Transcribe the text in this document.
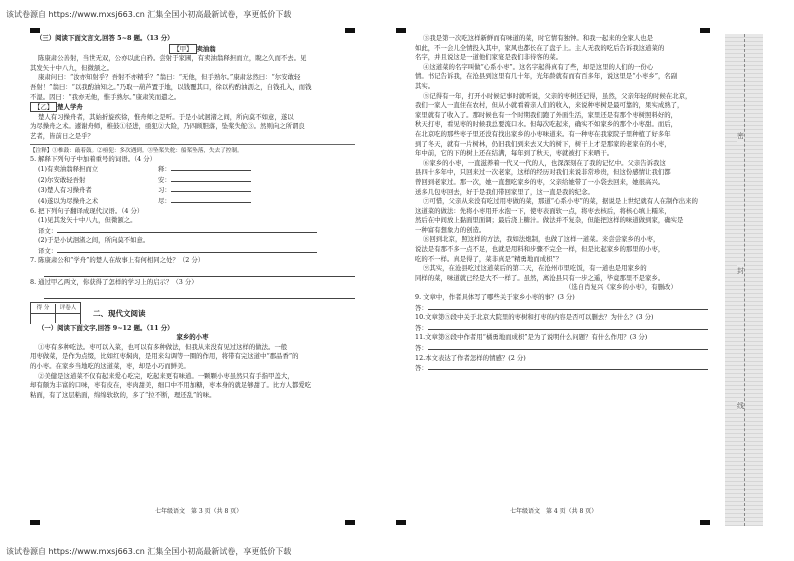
该试卷源自 https://www.mxsj663.cn 汇集全国小初高最新试卷，享更低价下载
该试卷源自 https://www.mxsj663.cn 汇集全国小初高最新试卷，享更低价下载
（三）阅读下面文言文,回答 5~8 题。（13 分）
【甲】 卖油翁
陈康肃公善射，当世无双，公亦以此自矜。尝射于家圃，有卖油翁释担而立，睨之久而不去。见
其发矢十中八九，但微颔之。
康肃问曰：“汝亦知射乎？吾射不亦精乎？”翁曰：“无他，但手熟尔。”康肃忿然曰：“尔安敢轻
吾射！”翁曰：“以我酌油知之。”乃取一葫芦置于地，以钱覆其口，徐以杓酌油沥之，自钱孔入，而钱
不湿。因曰：“我亦无他，惟手熟尔。”康肃笑而遣之。
【乙】 楚人学舟
楚人有习操舟者，其始折旋疾徐，惟舟师之是听。于是小试洄渚之间，所向莫不如意，遂以
为尽操舟之术。遽谢舟师，椎鼓①径进，亟犯②大险，乃四顾胆落，坠桨失舵③。然则向之所谓良
艺者，皆前日之是乎？
【注释】①椎鼓：敲着鼓。②亟犯：多次遇到。③坠桨失舵：船桨坠落，失去了控制。
5. 解释下列句子中加着重号的词语。（4 分）
(1)有卖油翁释担而立	释：
(2)尔安敢轻吾射	安：
(3)楚人有习操舟者	习：
(4)遂以为尽操舟之术	尽：
6. 把下列句子翻译成现代汉语。（4 分）
(1)见其发矢十中八九，但微颔之。
译文：
(2)于是小试洄渚之间，所向莫不如意。
译文：
7. 陈康肃公和“学舟”的楚人在故事上有何相同之处？（2 分）
8. 通过甲乙两文，你获得了怎样的学习上的启示？（3 分）
得 分 评卷人
二、现代文阅读
（一）阅读下面文字,回答 9~12 题。（11 分）
家乡的小枣
①枣有多种吃法。枣可以入菜，也可以有多种做法，但我从来没有见过这样的做法。一般
用枣做菜，是作为点缀，比如红枣焖肉，是用来勾调等一圈的作用，将带有完这道中“郡品香”的
的小枣。在家乡当地吃的这道菜，枣，却是小巧而鲜美。
②美健是这道菜不仅有起来爱心吃完，吃起来更有味道。一颗颗小枣虽然只有手指甲盖大，
却有颇为丰富的口味，枣有皮在，枣肉甜美，细口中不用加糖，枣本身的就足够甜了。比方人都爱吃
粘面，有了这层粘面，绵绵软软的，多了“拉不断，理还乱”的味。
七年级语文　第 3 页（共 8 页）
③我是第一次吃这样新鲜而有味道的菜，时它情有独钟。和我一起来的全家人也是
如此，不一会儿全情投入其中，家风也都长在了盘子上。主人无我的吃后告诉我这道菜的
名字，并且说这是一道他们家宴是我们非待客的菜。
④这道菜的名字叫做“心系小枣”。这名字起得真有了些，却是这里的人们的一份心
情。书记告诉我，在沧县到这里有几十年，光年龄就有而有百多年，说这里是“小枣乡”，名副
其实。
⑤记得有一年，打开小时候记事时就听说，父亲的枣树还记得，虽然，父亲年轻的时候在北京，
我们一家人一直住在农村，但从小就看着亲人们的收入，来说种枣树是最可靠的，果实成熟了，
家里就有了收入了。那时候也有一个时期我们跑了外面生活，家里还是有那个枣树照料好的，
秋天打枣，看见枣的时候我总要流口水。但每次吃起来，确实不如家乡的那个小枣甜。而后，
在北京吃的那些枣子里还没有找出家乡的小枣味道来。有一种枣在我家院子里种植了好多年
到了冬天，就有一片树林，仍旧我们到来去又大的树下，树干上才是那家的老家在的小枣，
年中前，它的下的树上还在结满，每年到了秋天，枣就被打下来晒干。
⑥家乡的小枣，一直滋养着一代又一代的人，也深深刻在了我的记忆中。父亲告诉我这
县四十多年中，只回来过一次老家，这样的经历对我们来说非常珍贵，但这份感情让我们都
曾回到老家过。那一次，她一直想吃家乡的枣，父亲给她带了一小袋去回来，她很高兴。
送多几包枣回去，好于是我们带回家里了，这一直是我的纪念。
⑦可惜，父亲从来没有吃过用枣做的菜，那道“心系小枣”的菜，据说是上世纪就有人在制作出来的
这道菜的做法：先将小枣用开水泡一下，使枣表面软一点，将枣去核后，将核心填上糯米，
然后在中间放上黏面里面调；最后浇上糖汁。做法并不复杂，但能把这样的味道做到家，确实是
一种富有想象力的创造。
⑧回到北京，照这样的方法，我如法炮制，也做了这样一道菜。来尝尝家乡的小枣，
说法是有那不多一点不足，也就是用料和步骤不完全一样，但是比起家乡的那里的小枣，
吃的不一样。真是得了，菜非真是“精勇地而成枳”？
⑨其实，在沧县吃过这道菜后的第二天，在沧州市里吃饭，有一道也是用家乡的
同样的菜，味道就已经是大不一样了。虽然，离沧县只有一步之遥，毕竟那里不是家乡。
（选自肖复兴《家乡的小枣》，有删改）
9. 文章中，作者具体写了哪些关于家乡小枣的事？(3 分)
答：
10.文章第⑤段中关于北京大院里的枣树和打枣的内容是否可以删去？为什么？(3 分)
答：
11.文章第⑧段中作者用“橘勇地而成枳”是为了说明什么问题？有什么作用？(3 分)
答：
12.本文表达了作者怎样的情感？(2 分)
答：
七年级语文　第 4 页（共 8 页）
密
封
线
